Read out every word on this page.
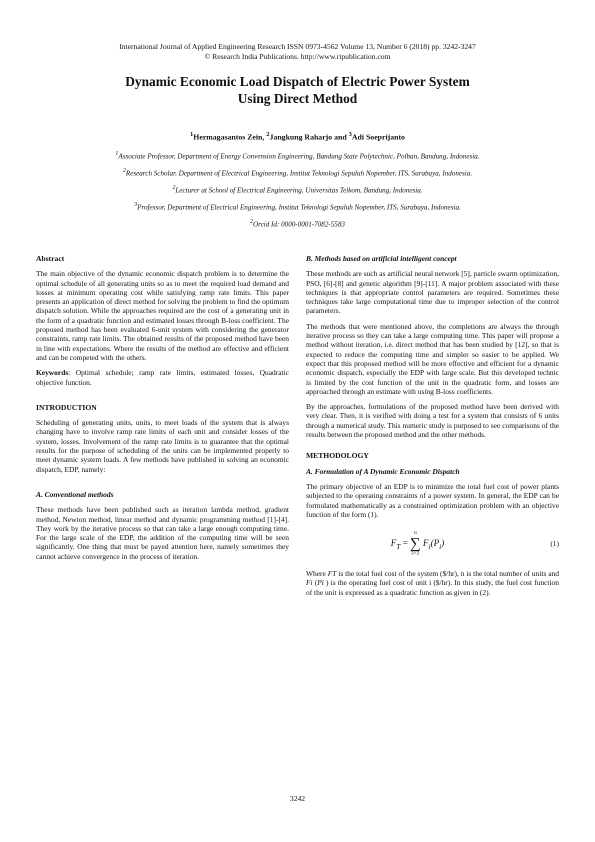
International Journal of Applied Engineering Research ISSN 0973-4562 Volume 13, Number 6 (2018) pp. 3242-3247
© Research India Publications. http://www.ripublication.com
Dynamic Economic Load Dispatch of Electric Power System
Using Direct Method
$^1$Hermagasantos Zein, $^2$Jangkung Raharjo and $^3$Adi Soeprijanto
$^1$Associate Professor, Department of Energy Convension Engineering, Bandung State Polytechnic, Polban, Bandung, Indonesia.
$^2$Research Scholar, Department of Electrical Engineering, Institut Teknologi Sepuluh Nopember, ITS, Surabaya, Indonesia.
$^2$Lecturer at School of Electrical Engineering, Universitas Telkom, Bandung, Indonesia.
$^3$Professor, Department of Electrical Engineering, Institut Teknologi Sepuluh Nopember, ITS, Surabaya, Indonesia.
$^2$Orcid Id: 0000-0001-7082-5583
Abstract

The main objective of the dynamic economic dispatch problem is to determine the optimal schedule of all generating units so as to meet the required load demand and losses at minimum operating cost while satisfying ramp rate limits. This paper presents an application of direct method for solving the problem to find the optimum dispatch solution. While the approaches required are the cost of a generating unit in the form of a quadratic function and estimated losses through B-loss coefficient. The proposed method has been evaluated 6-unit system with considering the generator constraints, ramp rate limits. The obtained results of the proposed method have been in line with expectations. Where the results of the method are effective and efficient and can be competed with the others.

Keywords: Optimal schedule; ramp rate limits, estimated losses, Quadratic objective function.

INTRODUCTION

Scheduling of generating units, units, to meet loads of the system that is always changing have to involve ramp rate limits of each unit and consider losses of the system, losses. Involvement of the ramp rate limits is to guarantee that the optimal results for the purpose of scheduling of the units can be implemented properly to meet dynamic system loads. A few methods have published in solving an economic dispatch, EDP, namely:

A. Conventional methods

These methods have been published such as iteration lambda method, gradient method, Newton method, linear method and dynamic programming method [1]-[4]. They work by the iterative process so that can take a large enough computing time. For the large scale of the EDP, the addition of the computing time will be seen significantly. One thing that must be payed attention here, namely sometimes they cannot achieve convergence in the process of iteration.

B. Methods based on artificial intelligent concept

These methods are such as artificial neural network [5], particle swarm optimization, PSO, [6]-[8] and genetic algorithm [9]-[11]. A major problem associated with these techniques is that appropriate control parameters are required. Sometimes these techniques take large computational time due to improper selection of the control parameters.

The methods that were mentioned above, the completions are always the through iterative process so they can take a large computing time. This paper will propose a method without iteration, i.e. direct method that has been studied by [12], so that is expected to reduce the computing time and simpler so easier to be applied. We expect that this proposed method will be more effective and efficient for a dynamic economic dispatch, especially the EDP with large scale. But this developed technic is limited by the cost function of the unit in the quadratic form, and losses are approached through an estimate with using B-loss coefficients.

By the approaches, formulations of the proposed method have been derived with very clear. Then, it is verified with doing a test for a system that consists of 6 units through a numerical study. This numeric study is purposed to see comparisons of the results between the proposed method and the other methods.

METHODOLOGY
A. Formulation of A Dynamic Economic Dispatch

The primary objective of an EDP is to minimize the total fuel cost of power plants subjected to the operating constraints of a power system. In general, the EDP can be formulated mathematically as a constrained optimization problem with an objective function of the form (1).

$F_T$ =
n
∑
i=1
$F_i(P_i)$	(1)

Where FT is the total fuel cost of the system ($/hr), n is the total number of units and Fi (Pi ) is the operating fuel cost of unit i ($/hr). In this study, the fuel cost function of the unit is expressed as a quadratic function as given in (2).

3242
